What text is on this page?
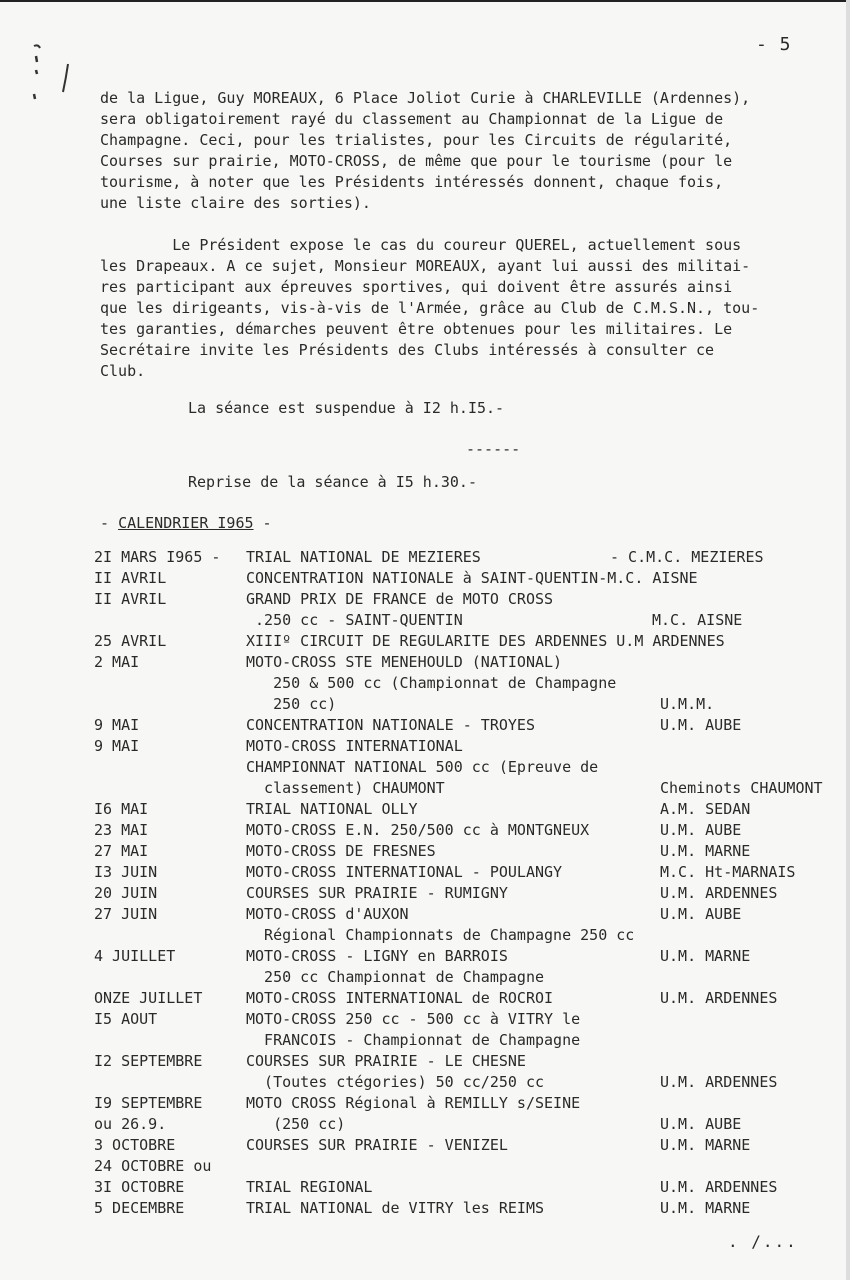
- 5
de la Ligue, Guy MOREAUX, 6 Place Joliot Curie à CHARLEVILLE (Ardennes),
sera obligatoirement rayé du classement au Championnat de la Ligue de
Champagne. Ceci, pour les trialistes, pour les Circuits de régularité,
Courses sur prairie, MOTO-CROSS, de même que pour le tourisme (pour le
tourisme, à noter que les Présidents intéressés donnent, chaque fois,
une liste claire des sorties).
Le Président expose le cas du coureur QUEREL, actuellement sous
les Drapeaux. A ce sujet, Monsieur MOREAUX, ayant lui aussi des militai-
res participant aux épreuves sportives, qui doivent être assurés ainsi
que les dirigeants, vis-à-vis de l'Armée, grâce au Club de C.M.S.N., tou-
tes garanties, démarches peuvent être obtenues pour les militaires. Le
Secrétaire invite les Présidents des Clubs intéressés à consulter ce
Club.
La séance est suspendue à I2 h.I5.-
------
Reprise de la séance à I5 h.30.-
- CALENDRIER I965 -
2I MARS I965 - TRIAL NATIONAL DE MEZIERES	- C.M.C. MEZIERES
II AVRIL	CONCENTRATION NATIONALE à SAINT-QUENTIN-M.C. AISNE
II AVRIL	GRAND PRIX DE FRANCE de MOTO CROSS
.250 cc - SAINT-QUENTIN	M.C. AISNE
25 AVRIL	XIIIº CIRCUIT DE REGULARITE DES ARDENNES U.M ARDENNES
2 MAI	MOTO-CROSS STE MENEHOULD (NATIONAL)
250 & 500 cc (Championnat de Champagne
250 cc)	U.M.M.
9 MAI	CONCENTRATION NATIONALE - TROYES	U.M. AUBE
9 MAI	MOTO-CROSS INTERNATIONAL
CHAMPIONNAT NATIONAL 500 cc (Epreuve de
classement) CHAUMONT	Cheminots CHAUMONT
I6 MAI	TRIAL NATIONAL OLLY	A.M. SEDAN
23 MAI	MOTO-CROSS E.N. 250/500 cc à MONTGNEUX	U.M. AUBE
27 MAI	MOTO-CROSS DE FRESNES	U.M. MARNE
I3 JUIN	MOTO-CROSS INTERNATIONAL - POULANGY	M.C. Ht-MARNAIS
20 JUIN	COURSES SUR PRAIRIE - RUMIGNY	U.M. ARDENNES
27 JUIN	MOTO-CROSS d'AUXON	U.M. AUBE
Régional Championnats de Champagne 250 cc
4 JUILLET	MOTO-CROSS - LIGNY en BARROIS	U.M. MARNE
250 cc Championnat de Champagne
ONZE JUILLET	MOTO-CROSS INTERNATIONAL de ROCROI	U.M. ARDENNES
I5 AOUT	MOTO-CROSS 250 cc - 500 cc à VITRY le
FRANCOIS - Championnat de Champagne
I2 SEPTEMBRE	COURSES SUR PRAIRIE - LE CHESNE
(Toutes ctégories) 50 cc/250 cc	U.M. ARDENNES
I9 SEPTEMBRE	MOTO CROSS Régional à REMILLY s/SEINE
ou 26.9.	(250 cc)	U.M. AUBE
3 OCTOBRE	COURSES SUR PRAIRIE - VENIZEL	U.M. MARNE
24 OCTOBRE ou
3I OCTOBRE	TRIAL REGIONAL	U.M. ARDENNES
5 DECEMBRE	TRIAL NATIONAL de VITRY les REIMS	U.M. MARNE
. /...
